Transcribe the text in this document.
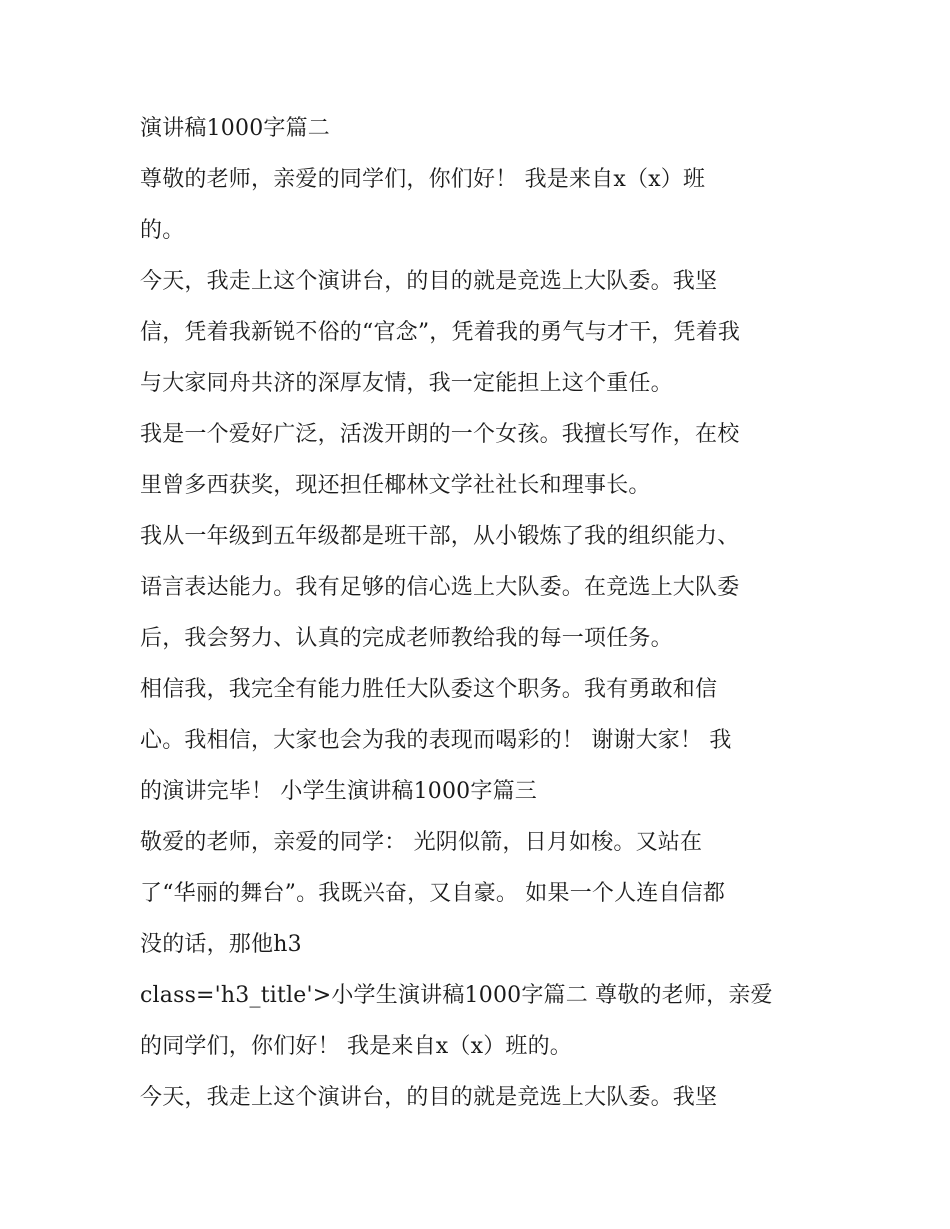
演讲稿1000字篇二
尊敬的老师，亲爱的同学们，你们好！ 我是来自x（x）班
的。
今天，我走上这个演讲台，的目的就是竞选上大队委。我坚
信，凭着我新锐不俗的“官念”，凭着我的勇气与才干，凭着我
与大家同舟共济的深厚友情，我一定能担上这个重任。
我是一个爱好广泛，活泼开朗的一个女孩。我擅长写作，在校
里曾多西获奖，现还担任椰林文学社社长和理事长。
我从一年级到五年级都是班干部，从小锻炼了我的组织能力、
语言表达能力。我有足够的信心选上大队委。在竞选上大队委
后，我会努力、认真的完成老师教给我的每一项任务。
相信我，我完全有能力胜任大队委这个职务。我有勇敢和信
心。我相信，大家也会为我的表现而喝彩的！ 谢谢大家！ 我
的演讲完毕！ 小学生演讲稿1000字篇三
敬爱的老师，亲爱的同学： 光阴似箭，日月如梭。又站在
了“华丽的舞台”。我既兴奋，又自豪。 如果一个人连自信都
没的话，那他h3
class='h3_title'>小学生演讲稿1000字篇二 尊敬的老师，亲爱
的同学们，你们好！ 我是来自x（x）班的。
今天，我走上这个演讲台，的目的就是竞选上大队委。我坚
